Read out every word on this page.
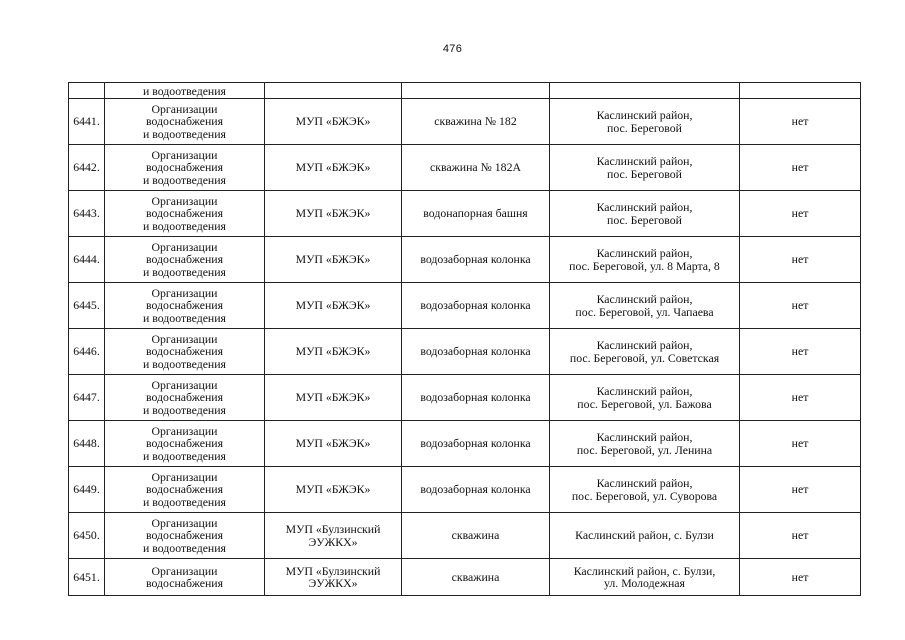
476
	и водоотведения				
6441.	Организации
водоснабжения
и водоотведения	МУП «БЖЭК»	скважина № 182	Каслинский район,
пос. Береговой	нет
6442.	Организации
водоснабжения
и водоотведения	МУП «БЖЭК»	скважина № 182А	Каслинский район,
пос. Береговой	нет
6443.	Организации
водоснабжения
и водоотведения	МУП «БЖЭК»	водонапорная башня	Каслинский район,
пос. Береговой	нет
6444.	Организации
водоснабжения
и водоотведения	МУП «БЖЭК»	водозаборная колонка	Каслинский район,
пос. Береговой, ул. 8 Марта, 8	нет
6445.	Организации
водоснабжения
и водоотведения	МУП «БЖЭК»	водозаборная колонка	Каслинский район,
пос. Береговой, ул. Чапаева	нет
6446.	Организации
водоснабжения
и водоотведения	МУП «БЖЭК»	водозаборная колонка	Каслинский район,
пос. Береговой, ул. Советская	нет
6447.	Организации
водоснабжения
и водоотведения	МУП «БЖЭК»	водозаборная колонка	Каслинский район,
пос. Береговой, ул. Бажова	нет
6448.	Организации
водоснабжения
и водоотведения	МУП «БЖЭК»	водозаборная колонка	Каслинский район,
пос. Береговой, ул. Ленина	нет
6449.	Организации
водоснабжения
и водоотведения	МУП «БЖЭК»	водозаборная колонка	Каслинский район,
пос. Береговой, ул. Суворова	нет
6450.	Организации
водоснабжения
и водоотведения	МУП «Булзинский
ЭУЖКХ»	скважина	Каслинский район, с. Булзи	нет
6451.	Организации
водоснабжения	МУП «Булзинский
ЭУЖКХ»	скважина	Каслинский район, с. Булзи,
ул. Молодежная	нет
